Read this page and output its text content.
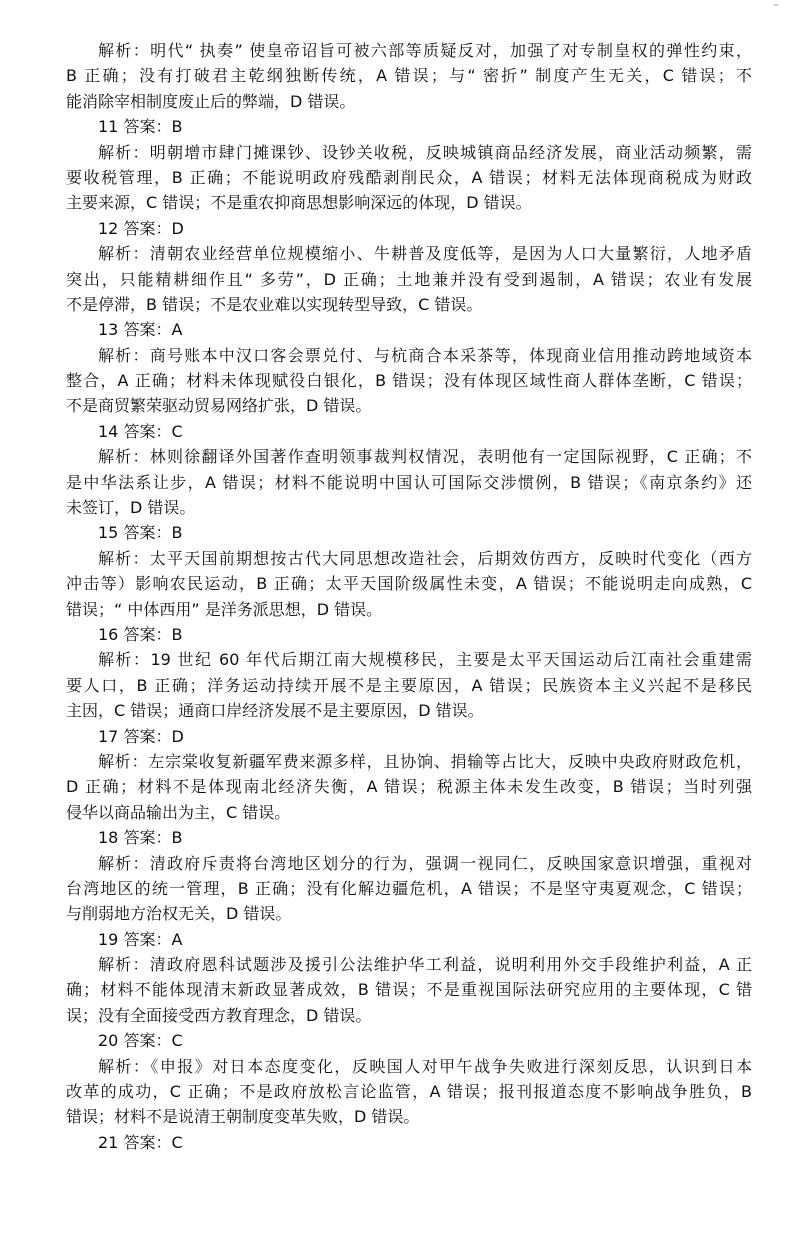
解析：明代“ 执奏” 使皇帝诏旨可被六部等质疑反对，加强了对专制皇权的弹性约束，
B 正确；没有打破君主乾纲独断传统，A 错误；与“ 密折” 制度产生无关，C 错误；不
能消除宰相制度废止后的弊端，D 错误。
11 答案：B
解析：明朝增市肆门摊课钞、设钞关收税，反映城镇商品经济发展，商业活动频繁，需
要收税管理，B 正确；不能说明政府残酷剥削民众，A 错误；材料无法体现商税成为财政
主要来源，C 错误；不是重农抑商思想影响深远的体现，D 错误。
12 答案：D
解析：清朝农业经营单位规模缩小、牛耕普及度低等，是因为人口大量繁衍，人地矛盾
突出，只能精耕细作且“ 多劳”，D 正确；土地兼并没有受到遏制，A 错误；农业有发展
不是停滞，B 错误；不是农业难以实现转型导致，C 错误。
13 答案：A
解析：商号账本中汉口客会票兑付、与杭商合本采茶等，体现商业信用推动跨地域资本
整合，A 正确；材料未体现赋役白银化，B 错误；没有体现区域性商人群体垄断，C 错误；
不是商贸繁荣驱动贸易网络扩张，D 错误。
14 答案：C
解析：林则徐翻译外国著作查明领事裁判权情况，表明他有一定国际视野，C 正确；不
是中华法系让步，A 错误；材料不能说明中国认可国际交涉惯例，B 错误；《南京条约》还
未签订，D 错误。
15 答案：B
解析：太平天国前期想按古代大同思想改造社会，后期效仿西方，反映时代变化（西方
冲击等）影响农民运动，B 正确；太平天国阶级属性未变，A 错误；不能说明走向成熟，C
错误；“ 中体西用” 是洋务派思想，D 错误。
16 答案：B
解析：19 世纪 60 年代后期江南大规模移民，主要是太平天国运动后江南社会重建需
要人口，B 正确；洋务运动持续开展不是主要原因，A 错误；民族资本主义兴起不是移民
主因，C 错误；通商口岸经济发展不是主要原因，D 错误。
17 答案：D
解析：左宗棠收复新疆军费来源多样，且协饷、捐输等占比大，反映中央政府财政危机，
D 正确；材料不是体现南北经济失衡，A 错误；税源主体未发生改变，B 错误；当时列强
侵华以商品输出为主，C 错误。
18 答案：B
解析：清政府斥责将台湾地区划分的行为，强调一视同仁，反映国家意识增强，重视对
台湾地区的统一管理，B 正确；没有化解边疆危机，A 错误；不是坚守夷夏观念，C 错误；
与削弱地方治权无关，D 错误。
19 答案：A
解析：清政府恩科试题涉及援引公法维护华工利益，说明利用外交手段维护利益，A 正
确；材料不能体现清末新政显著成效，B 错误；不是重视国际法研究应用的主要体现，C 错
误；没有全面接受西方教育理念，D 错误。
20 答案：C
解析：《申报》对日本态度变化，反映国人对甲午战争失败进行深刻反思，认识到日本
改革的成功，C 正确；不是政府放松言论监管，A 错误；报刊报道态度不影响战争胜负，B
错误；材料不是说清王朝制度变革失败，D 错误。
21 答案：C
